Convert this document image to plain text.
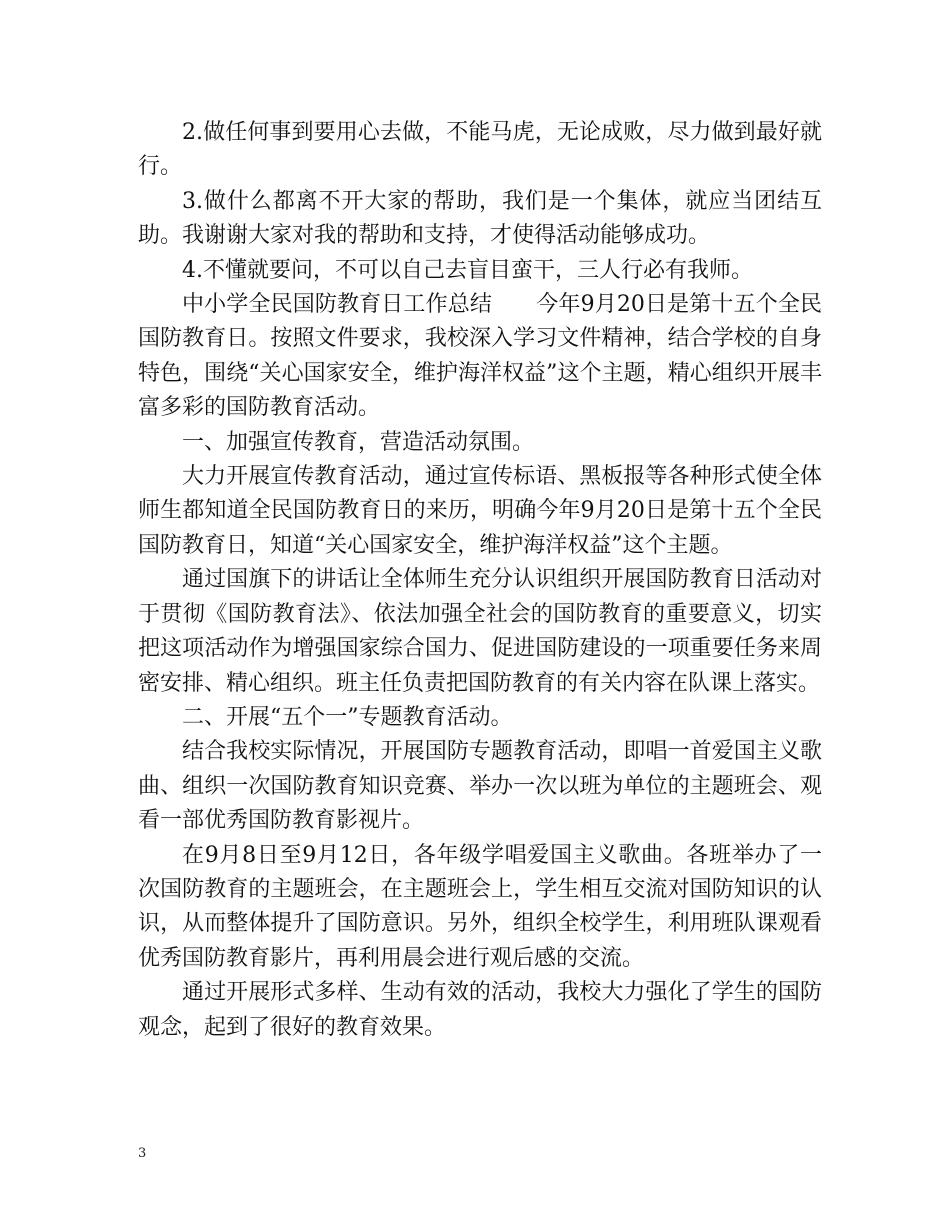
2.做任何事到要用心去做，不能马虎，无论成败，尽力做到最好就行。

3.做什么都离不开大家的帮助，我们是一个集体，就应当团结互助。我谢谢大家对我的帮助和支持，才使得活动能够成功。

4.不懂就要问，不可以自己去盲目蛮干，三人行必有我师。

中小学全民国防教育日工作总结　　今年9月20日是第十五个全民国防教育日。按照文件要求，我校深入学习文件精神，结合学校的自身特色，围绕“关心国家安全，维护海洋权益”这个主题，精心组织开展丰富多彩的国防教育活动。

一、加强宣传教育，营造活动氛围。

大力开展宣传教育活动，通过宣传标语、黑板报等各种形式使全体师生都知道全民国防教育日的来历，明确今年9月20日是第十五个全民国防教育日，知道“关心国家安全，维护海洋权益”这个主题。

通过国旗下的讲话让全体师生充分认识组织开展国防教育日活动对于贯彻《国防教育法》、依法加强全社会的国防教育的重要意义，切实把这项活动作为增强国家综合国力、促进国防建设的一项重要任务来周密安排、精心组织。班主任负责把国防教育的有关内容在队课上落实。

二、开展“五个一”专题教育活动。

结合我校实际情况，开展国防专题教育活动，即唱一首爱国主义歌曲、组织一次国防教育知识竞赛、举办一次以班为单位的主题班会、观看一部优秀国防教育影视片。

在9月8日至9月12日，各年级学唱爱国主义歌曲。各班举办了一次国防教育的主题班会，在主题班会上，学生相互交流对国防知识的认识，从而整体提升了国防意识。另外，组织全校学生，利用班队课观看优秀国防教育影片，再利用晨会进行观后感的交流。

通过开展形式多样、生动有效的活动，我校大力强化了学生的国防观念，起到了很好的教育效果。

3
